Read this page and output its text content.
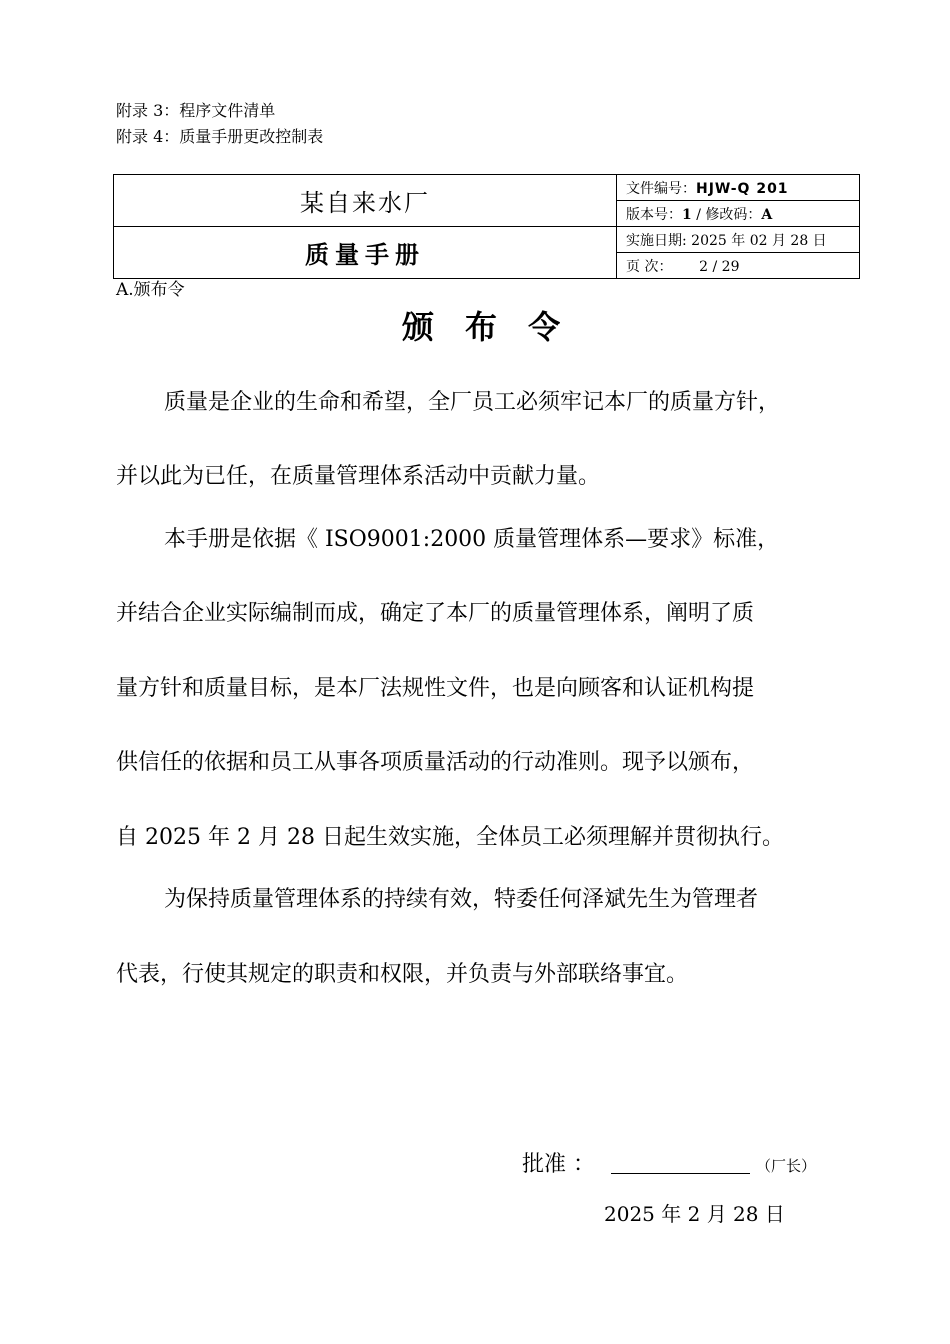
附录 3：程序文件清单
附录 4：质量手册更改控制表
某自来水厂	文件编号：HJW-Q 201
	版本号：1 / 修改码：A
质量手册	实施日期: 2025 年 02 月 28 日
	页 次： 2 / 29
A.颁布令
颁 布 令
质量是企业的生命和希望，全厂员工必须牢记本厂的质量方针，
并以此为已任，在质量管理体系活动中贡献力量。
本手册是依据《 ISO9001:2000 质量管理体系—要求》标准，
并结合企业实际编制而成，确定了本厂的质量管理体系，阐明了质
量方针和质量目标，是本厂法规性文件，也是向顾客和认证机构提
供信任的依据和员工从事各项质量活动的行动准则。现予以颁布，
自 2025 年 2 月 28 日起生效实施，全体员工必须理解并贯彻执行。
为保持质量管理体系的持续有效，特委任何泽斌先生为管理者
代表，行使其规定的职责和权限，并负责与外部联络事宜。
批准 ：	（厂长）
2025 年 2 月 28 日
